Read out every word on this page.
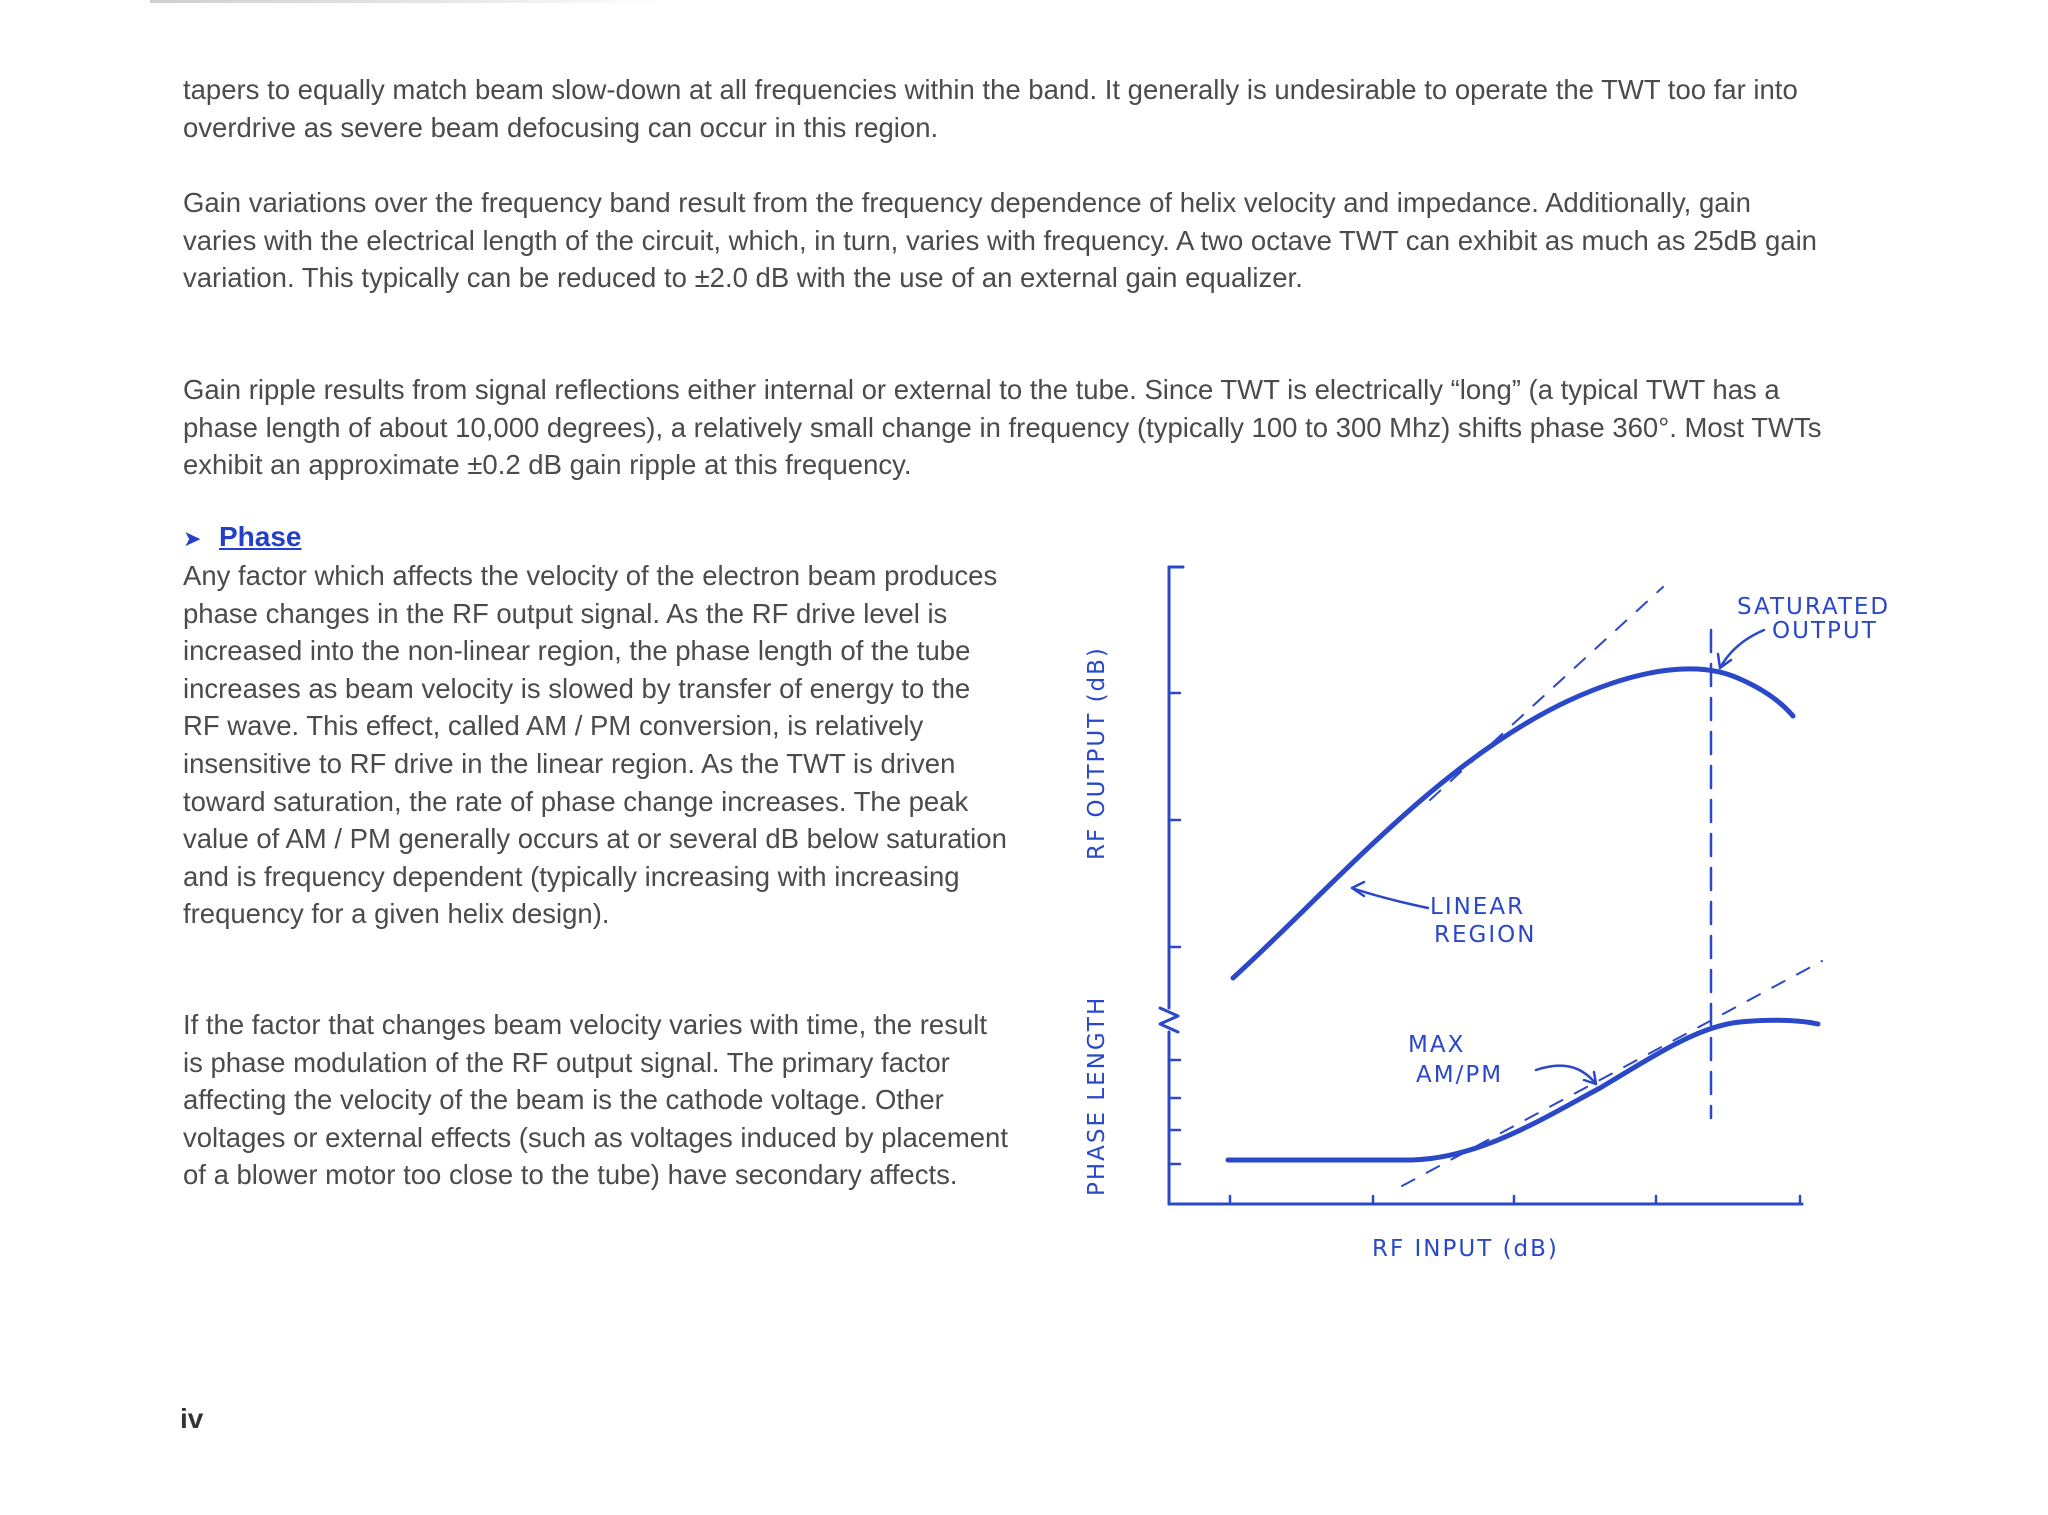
tapers to equally match beam slow-down at all frequencies within the band. It generally is undesirable to operate the TWT too far into overdrive as severe beam defocusing can occur in this region.

Gain variations over the frequency band result from the frequency dependence of helix velocity and impedance. Additionally, gain varies with the electrical length of the circuit, which, in turn, varies with frequency. A two octave TWT can exhibit as much as 25dB gain variation. This typically can be reduced to ±2.0 dB with the use of an external gain equalizer.

Gain ripple results from signal reflections either internal or external to the tube. Since TWT is electrically “long” (a typical TWT has a phase length of about 10,000 degrees), a relatively small change in frequency (typically 100 to 300 Mhz) shifts phase 360°. Most TWTs exhibit an approximate ±0.2 dB gain ripple at this frequency.

➤ Phase

Any factor which affects the velocity of the electron beam produces phase changes in the RF output signal. As the RF drive level is increased into the non-linear region, the phase length of the tube increases as beam velocity is slowed by transfer of energy to the RF wave. This effect, called AM / PM conversion, is relatively insensitive to RF drive in the linear region. As the TWT is driven toward saturation, the rate of phase change increases. The peak value of AM / PM generally occurs at or several dB below saturation and is frequency dependent (typically increasing with increasing frequency for a given helix design).

If the factor that changes beam velocity varies with time, the result is phase modulation of the RF output signal. The primary factor affecting the velocity of the beam is the cathode voltage. Other voltages or external effects (such as voltages induced by placement of a blower motor too close to the tube) have secondary affects.

iv
RF OUTPUT (dB)
PHASE LENGTH
RF INPUT (dB)
SATURATED
OUTPUT
LINEAR
REGION
MAX
AM/PM
